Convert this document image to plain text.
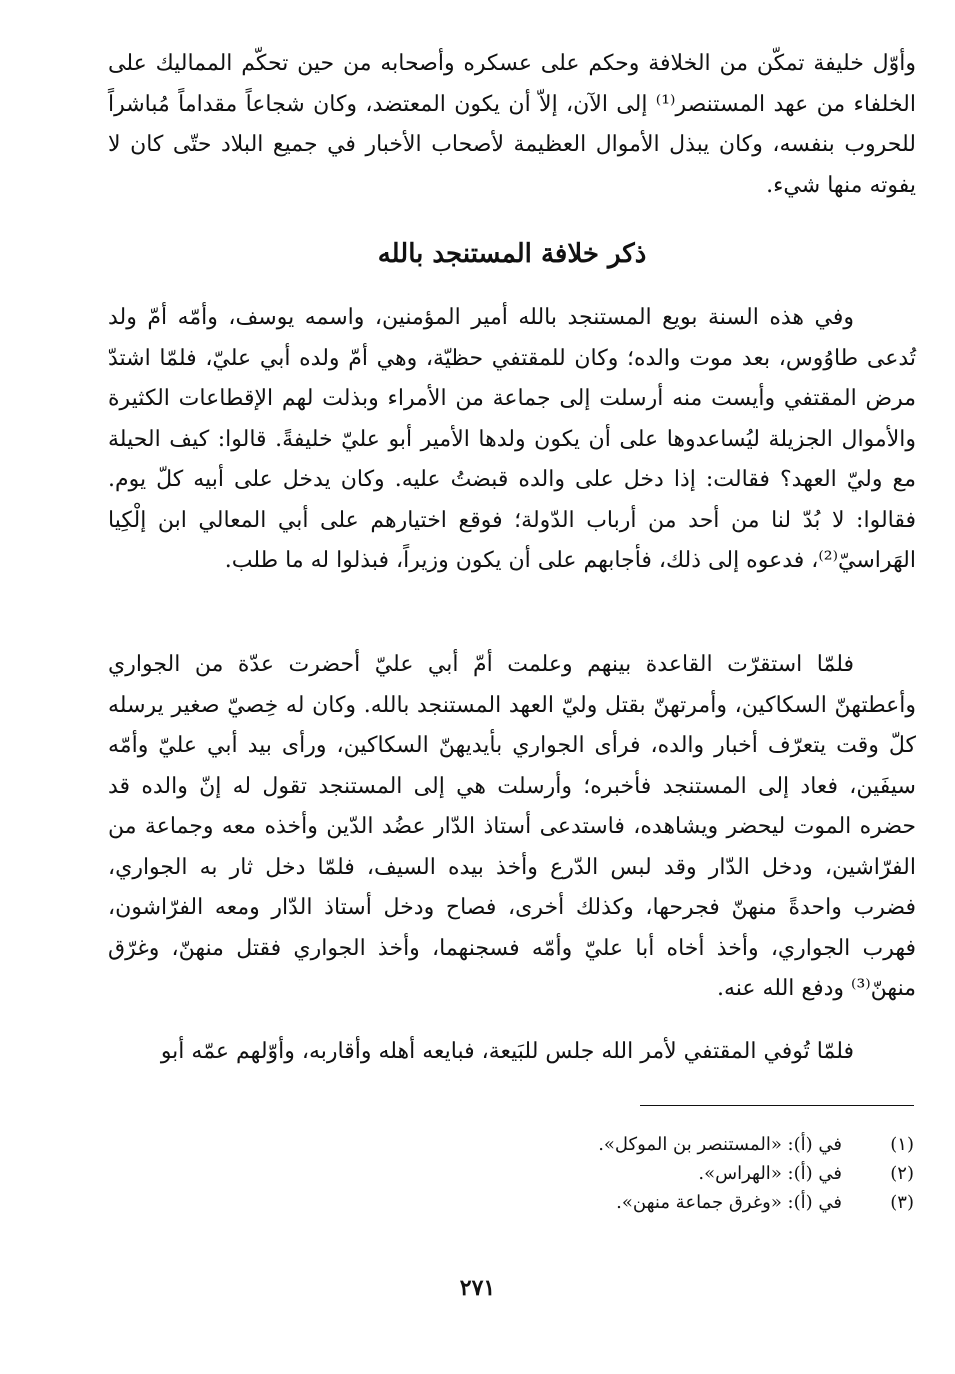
وأوّل خليفة تمكّن من الخلافة وحكم على عسكره وأصحابه من حين تحكّم المماليك على الخلفاء من عهد المستنصر⁽¹⁾ إلى الآن، إلاّ أن يكون المعتضد، وكان شجاعاً مقداماً مُباشراً للحروب بنفسه، وكان يبذل الأموال العظيمة لأصحاب الأخبار في جميع البلاد حتّى كان لا يفوته منها شيء.

ذكر خلافة المستنجد بالله

وفي هذه السنة بويع المستنجد بالله أمير المؤمنين، واسمه يوسف، وأمّه أمّ ولد تُدعى طاوُوس، بعد موت والده؛ وكان للمقتفي حظيّة، وهي أمّ ولده أبي عليّ، فلمّا اشتدّ مرض المقتفي وأيست منه أرسلت إلى جماعة من الأمراء وبذلت لهم الإقطاعات الكثيرة والأموال الجزيلة ليُساعدوها على أن يكون ولدها الأمير أبو عليّ خليفةً. قالوا: كيف الحيلة مع وليّ العهد؟ فقالت: إذا دخل على والده قبضتُ عليه. وكان يدخل على أبيه كلّ يوم. فقالوا: لا بُدّ لنا من أحد من أرباب الدّولة؛ فوقع اختيارهم على أبي المعالي ابن إلْكِيا الهَراسيّ⁽²⁾، فدعوه إلى ذلك، فأجابهم على أن يكون وزيراً، فبذلوا له ما طلب.

فلمّا استقرّت القاعدة بينهم وعلمت أمّ أبي عليّ أحضرت عدّة من الجواري وأعطتهنّ السكاكين، وأمرتهنّ بقتل وليّ العهد المستنجد بالله. وكان له خِصيّ صغير يرسله كلّ وقت يتعرّف أخبار والده، فرأى الجواري بأيديهنّ السكاكين، ورأى بيد أبي عليّ وأمّه سيفَين، فعاد إلى المستنجد فأخبره؛ وأرسلت هي إلى المستنجد تقول له إنّ والده قد حضره الموت ليحضر ويشاهده، فاستدعى أستاذ الدّار عضُد الدّين وأخذه معه وجماعة من الفرّاشين، ودخل الدّار وقد لبس الدّرع وأخذ بيده السيف، فلمّا دخل ثار به الجواري، فضرب واحدةً منهنّ فجرحها، وكذلك أخرى، فصاح ودخل أستاذ الدّار ومعه الفرّاشون، فهرب الجواري، وأخذ أخاه أبا عليّ وأمّه فسجنهما، وأخذ الجواري فقتل منهنّ، وغرّق منهنّ⁽³⁾ ودفع الله عنه.

فلمّا تُوفي المقتفي لأمر الله جلس للبَيعة، فبايعه أهله وأقاربه، وأوّلهم عمّه أبو

(١)
في (أ): «المستنصر بن الموكل».
(٢)
في (أ): «الهراس».
(٣)
في (أ): «وغرق جماعة منهن».
٢٧١
